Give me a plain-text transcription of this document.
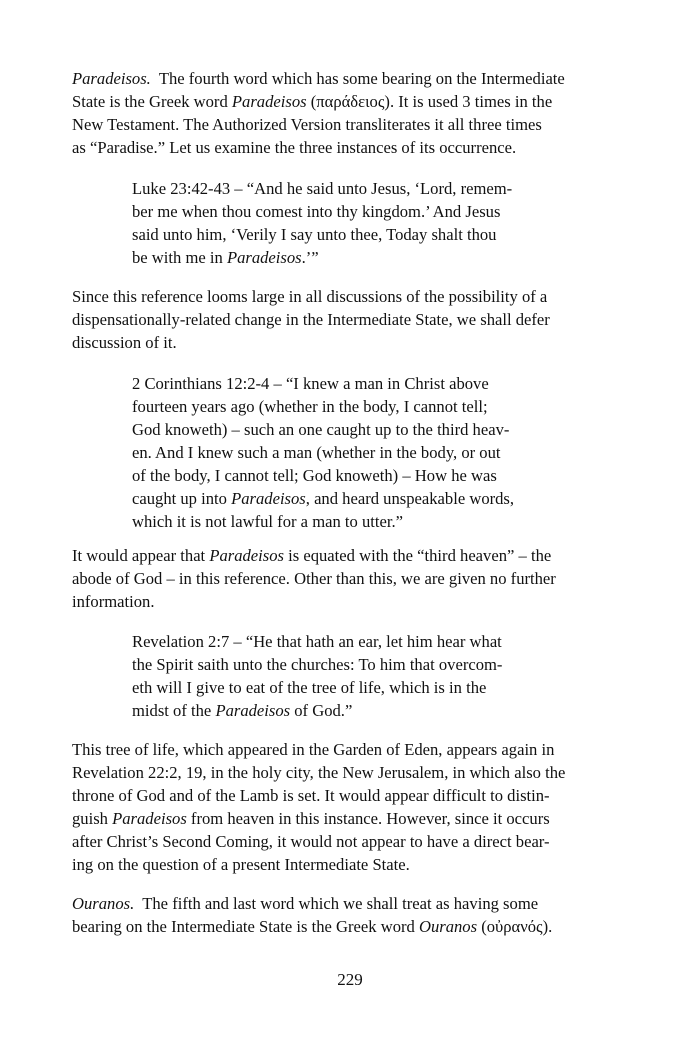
Paradeisos. The fourth word which has some bearing on the Intermediate
State is the Greek word Paradeisos (παράδειος). It is used 3 times in the
New Testament. The Authorized Version transliterates it all three times
as “Paradise.” Let us examine the three instances of its occurrence.
Luke 23:42-43 – “And he said unto Jesus, ‘Lord, remem-
ber me when thou comest into thy kingdom.’ And Jesus
said unto him, ‘Verily I say unto thee, Today shalt thou
be with me in Paradeisos.’”
Since this reference looms large in all discussions of the possibility of a
dispensationally-related change in the Intermediate State, we shall defer
discussion of it.
2 Corinthians 12:2-4 – “I knew a man in Christ above
fourteen years ago (whether in the body, I cannot tell;
God knoweth) – such an one caught up to the third heav-
en. And I knew such a man (whether in the body, or out
of the body, I cannot tell; God knoweth) – How he was
caught up into Paradeisos, and heard unspeakable words,
which it is not lawful for a man to utter.”
It would appear that Paradeisos is equated with the “third heaven” – the
abode of God – in this reference. Other than this, we are given no further
information.
Revelation 2:7 – “He that hath an ear, let him hear what
the Spirit saith unto the churches: To him that overcom-
eth will I give to eat of the tree of life, which is in the
midst of the Paradeisos of God.”
This tree of life, which appeared in the Garden of Eden, appears again in
Revelation 22:2, 19, in the holy city, the New Jerusalem, in which also the
throne of God and of the Lamb is set. It would appear difficult to distin-
guish Paradeisos from heaven in this instance. However, since it occurs
after Christ’s Second Coming, it would not appear to have a direct bear-
ing on the question of a present Intermediate State.
Ouranos. The fifth and last word which we shall treat as having some
bearing on the Intermediate State is the Greek word Ouranos (οὐρανός).
229
